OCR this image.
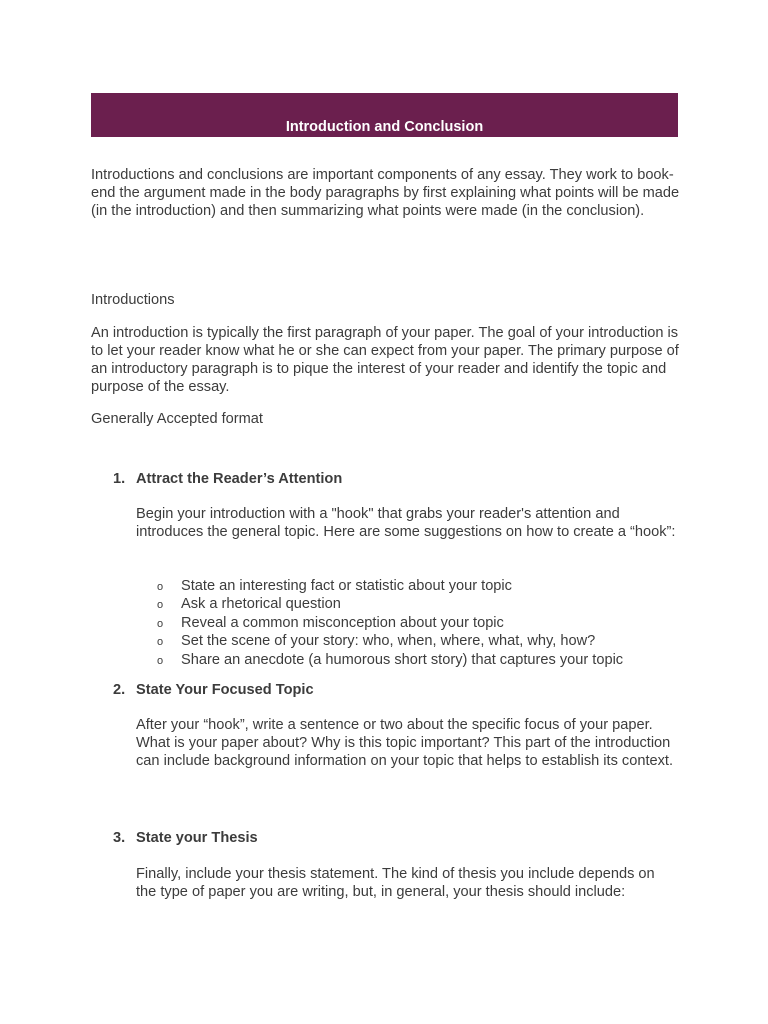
Introduction and Conclusion

Introductions and conclusions are important components of any essay. They work to book-end the argument made in the body paragraphs by first explaining what points will be made (in the introduction) and then summarizing what points were made (in the conclusion).

Introductions

An introduction is typically the first paragraph of your paper. The goal of your introduction is to let your reader know what he or she can expect from your paper. The primary purpose of an introductory paragraph is to pique the interest of your reader and identify the topic and purpose of the essay.

Generally Accepted format

1. Attract the Reader’s Attention

Begin your introduction with a "hook" that grabs your reader's attention and introduces the general topic. Here are some suggestions on how to create a “hook”:

o State an interesting fact or statistic about your topic
o Ask a rhetorical question
o Reveal a common misconception about your topic
o Set the scene of your story: who, when, where, what, why, how?
o Share an anecdote (a humorous short story) that captures your topic
2. State Your Focused Topic

After your “hook”, write a sentence or two about the specific focus of your paper. What is your paper about? Why is this topic important? This part of the introduction can include background information on your topic that helps to establish its context.

3. State your Thesis

Finally, include your thesis statement. The kind of thesis you include depends on the type of paper you are writing, but, in general, your thesis should include:
